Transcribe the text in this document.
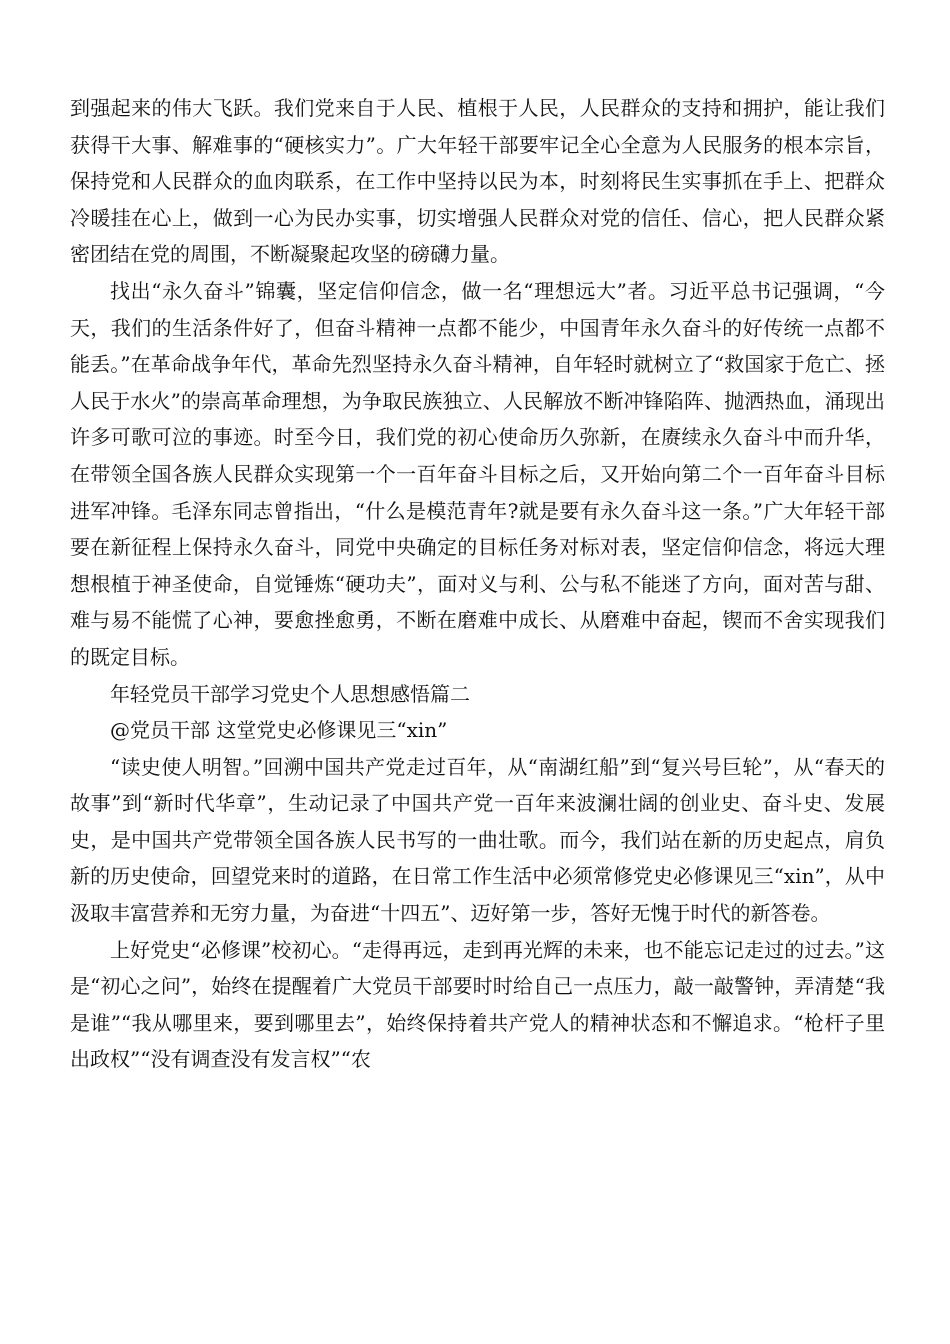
到强起来的伟大飞跃。我们党来自于人民、植根于人民，人民群众的支持和拥护，能让我们获得干大事、解难事的“硬核实力”。广大年轻干部要牢记全心全意为人民服务的根本宗旨，保持党和人民群众的血肉联系，在工作中坚持以民为本，时刻将民生实事抓在手上、把群众冷暖挂在心上，做到一心为民办实事，切实增强人民群众对党的信任、信心，把人民群众紧密团结在党的周围，不断凝聚起攻坚的磅礴力量。

找出“永久奋斗”锦囊，坚定信仰信念，做一名“理想远大”者。习近平总书记强调，“今天，我们的生活条件好了，但奋斗精神一点都不能少，中国青年永久奋斗的好传统一点都不能丢。”在革命战争年代，革命先烈坚持永久奋斗精神，自年轻时就树立了“救国家于危亡、拯人民于水火”的崇高革命理想，为争取民族独立、人民解放不断冲锋陷阵、抛洒热血，涌现出许多可歌可泣的事迹。时至今日，我们党的初心使命历久弥新，在赓续永久奋斗中而升华，在带领全国各族人民群众实现第一个一百年奋斗目标之后，又开始向第二个一百年奋斗目标进军冲锋。毛泽东同志曾指出，“什么是模范青年?就是要有永久奋斗这一条。”广大年轻干部要在新征程上保持永久奋斗，同党中央确定的目标任务对标对表，坚定信仰信念，将远大理想根植于神圣使命，自觉锤炼“硬功夫”，面对义与利、公与私不能迷了方向，面对苦与甜、难与易不能慌了心神，要愈挫愈勇，不断在磨难中成长、从磨难中奋起，锲而不舍实现我们的既定目标。

年轻党员干部学习党史个人思想感悟篇二

@党员干部 这堂党史必修课见三“xin”

“读史使人明智。”回溯中国共产党走过百年，从“南湖红船”到“复兴号巨轮”，从“春天的故事”到“新时代华章”，生动记录了中国共产党一百年来波澜壮阔的创业史、奋斗史、发展史，是中国共产党带领全国各族人民书写的一曲壮歌。而今，我们站在新的历史起点，肩负新的历史使命，回望党来时的道路，在日常工作生活中必须常修党史必修课见三“xin”，从中汲取丰富营养和无穷力量，为奋进“十四五”、迈好第一步，答好无愧于时代的新答卷。

上好党史“必修课”校初心。“走得再远，走到再光辉的未来，也不能忘记走过的过去。”这是“初心之问”，始终在提醒着广大党员干部要时时给自己一点压力，敲一敲警钟，弄清楚“我是谁”“我从哪里来，要到哪里去”，始终保持着共产党人的精神状态和不懈追求。“枪杆子里出政权”“没有调查没有发言权”“农
